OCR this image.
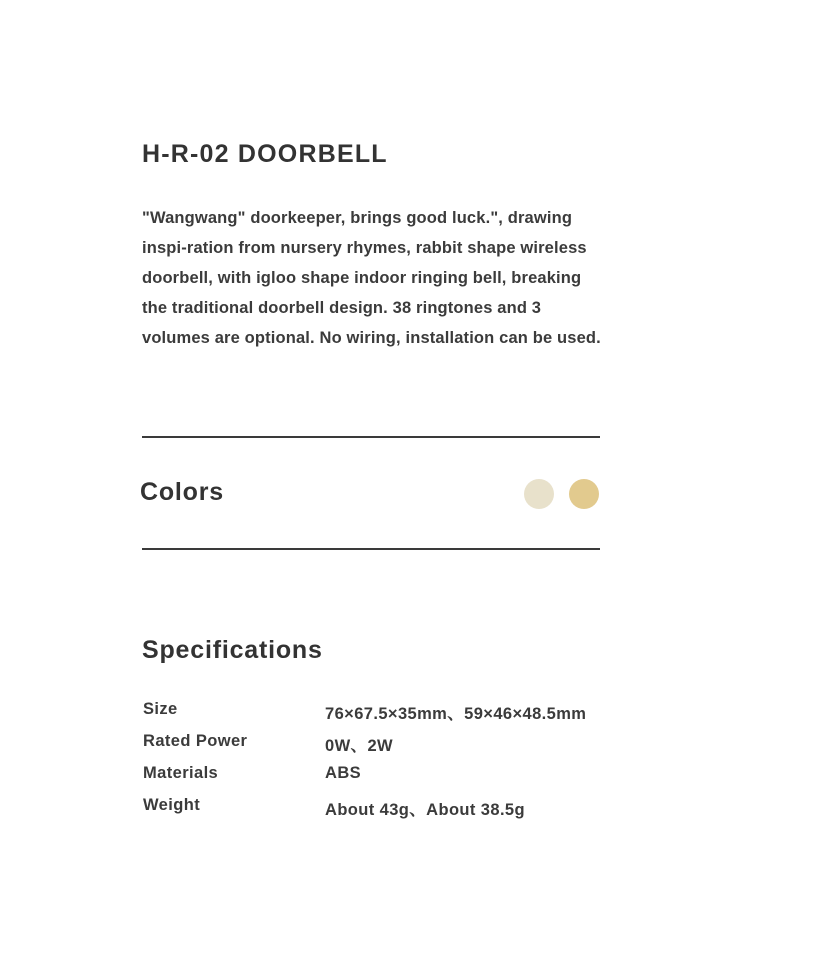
H-R-02 DOORBELL

"Wangwang" doorkeeper, brings good luck.", drawing inspi-ration from nursery rhymes, rabbit shape wireless doorbell, with igloo shape indoor ringing bell, breaking the traditional doorbell design. 38 ringtones and 3 volumes are optional. No wiring, installation can be used.

Colors
Specifications
Size	76×67.5×35mm、59×46×48.5mm
Rated Power	0W、2W
Materials	ABS
Weight	About 43g、About 38.5g
